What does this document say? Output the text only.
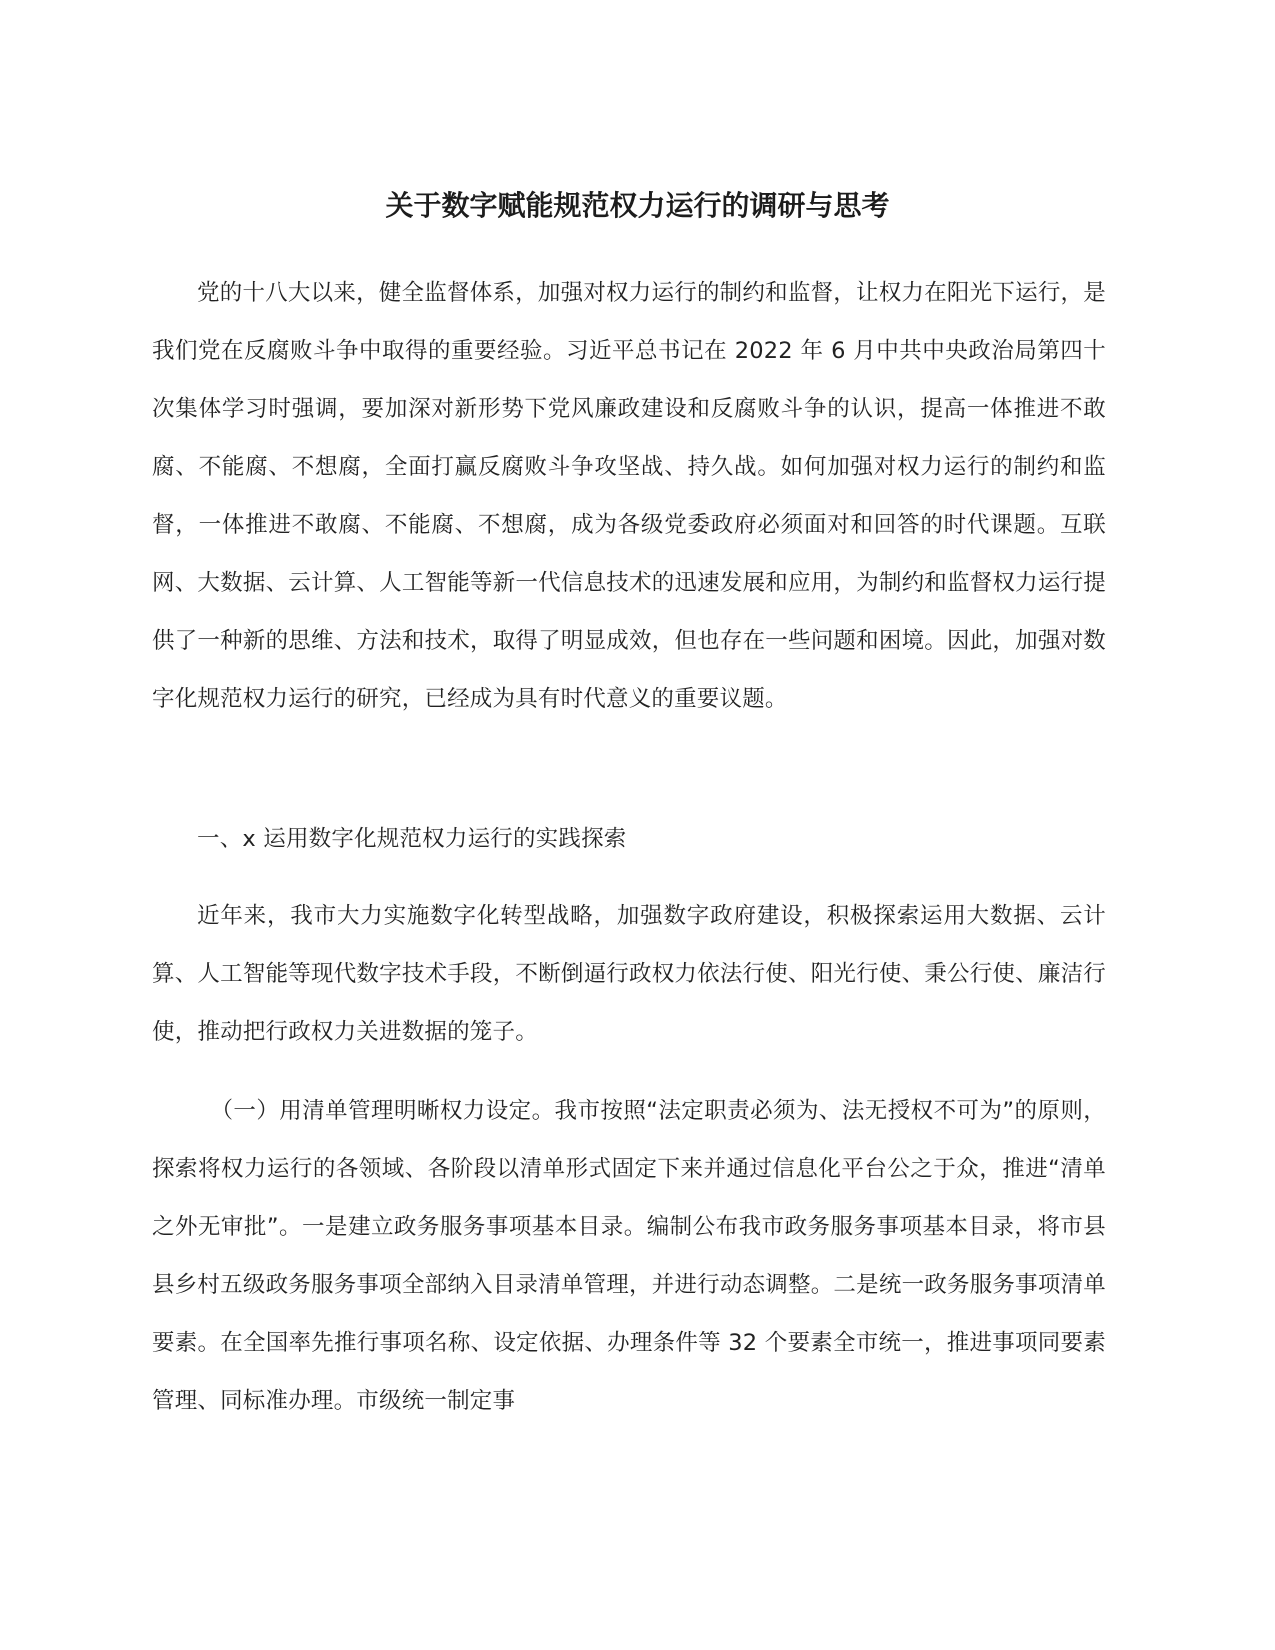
关于数字赋能规范权力运行的调研与思考

党的十八大以来，健全监督体系，加强对权力运行的制约和监督，让权力在阳光下运行，是我们党在反腐败斗争中取得的重要经验。习近平总书记在 2022 年 6 月中共中央政治局第四十次集体学习时强调，要加深对新形势下党风廉政建设和反腐败斗争的认识，提高一体推进不敢腐、不能腐、不想腐，全面打赢反腐败斗争攻坚战、持久战。如何加强对权力运行的制约和监督，一体推进不敢腐、不能腐、不想腐，成为各级党委政府必须面对和回答的时代课题。互联网、大数据、云计算、人工智能等新一代信息技术的迅速发展和应用，为制约和监督权力运行提供了一种新的思维、方法和技术，取得了明显成效，但也存在一些问题和困境。因此，加强对数字化规范权力运行的研究，已经成为具有时代意义的重要议题。

一、x 运用数字化规范权力运行的实践探索

近年来，我市大力实施数字化转型战略，加强数字政府建设，积极探索运用大数据、云计算、人工智能等现代数字技术手段，不断倒逼行政权力依法行使、阳光行使、秉公行使、廉洁行使，推动把行政权力关进数据的笼子。

（一）用清单管理明晰权力设定。我市按照“法定职责必须为、法无授权不可为”的原则，探索将权力运行的各领域、各阶段以清单形式固定下来并通过信息化平台公之于众，推进“清单之外无审批”。一是建立政务服务事项基本目录。编制公布我市政务服务事项基本目录，将市县县乡村五级政务服务事项全部纳入目录清单管理，并进行动态调整。二是统一政务服务事项清单要素。在全国率先推行事项名称、设定依据、办理条件等 32 个要素全市统一，推进事项同要素管理、同标准办理。市级统一制定事
